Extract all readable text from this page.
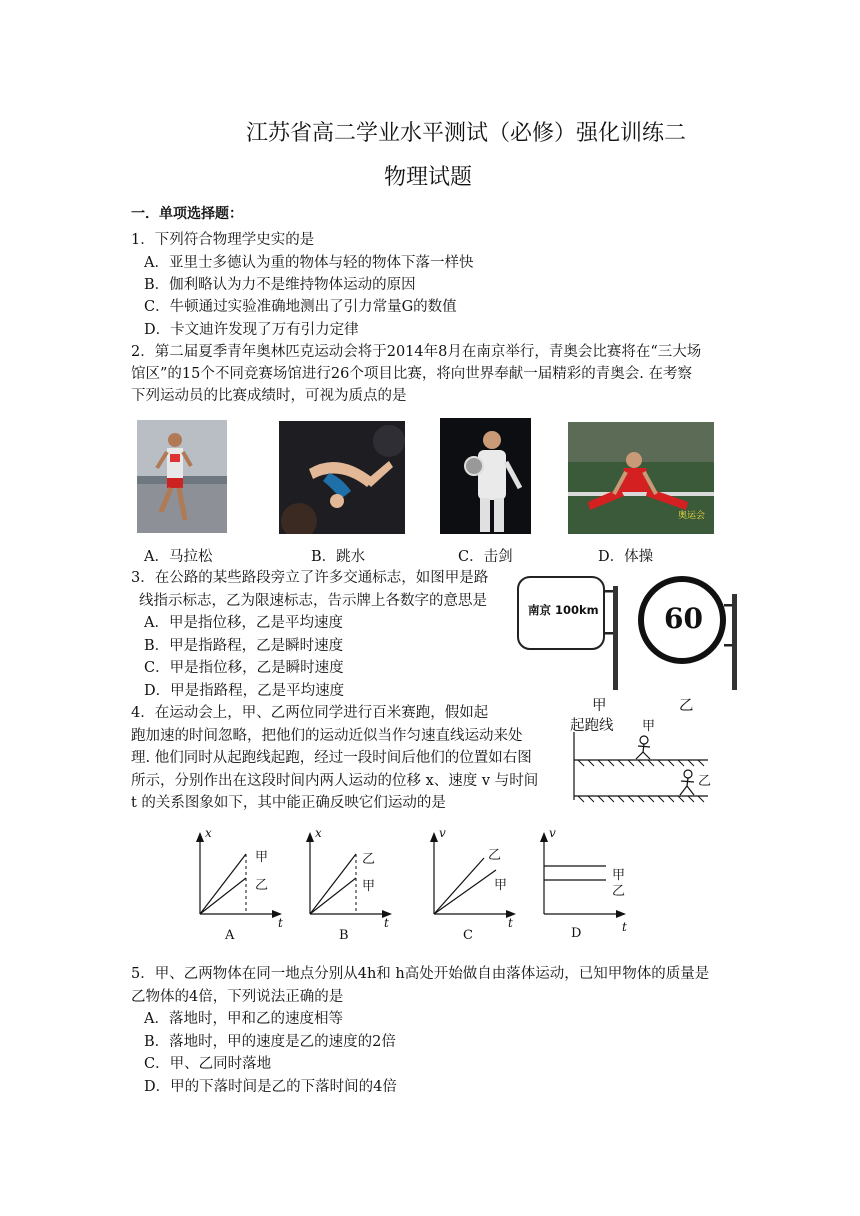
江苏省高二学业水平测试（必修）强化训练二
物理试题
一．单项选择题：
1．下列符合物理学史实的是
A．亚里士多德认为重的物体与轻的物体下落一样快
B．伽利略认为力不是维持物体运动的原因
C．牛顿通过实验准确地测出了引力常量G的数值
D．卡文迪许发现了万有引力定律
2．第二届夏季青年奥林匹克运动会将于2014年8月在南京举行，青奥会比赛将在“三大场
馆区”的15个不同竞赛场馆进行26个项目比赛，将向世界奉献一届精彩的青奥会. 在考察
下列运动员的比赛成绩时，可视为质点的是
奥运会
A．马拉松	B．跳水	C．击剑	D．体操
3．在公路的某些路段旁立了许多交通标志，如图甲是路
线指示标志，乙为限速标志，告示牌上各数字的意思是
A．甲是指位移，乙是平均速度
B．甲是指路程，乙是瞬时速度
C．甲是指位移，乙是瞬时速度
D．甲是指路程，乙是平均速度
南京 100km 60
4．在运动会上，甲、乙两位同学进行百米赛跑，假如起
跑加速的时间忽略，把他们的运动近似当作匀速直线运动来处
理. 他们同时从起跑线起跑，经过一段时间后他们的位置如右图
所示，分别作出在这段时间内两人运动的位移 x、速度 v 与时间
t 的关系图象如下，其中能正确反映它们运动的是
甲	乙
起跑线 甲
乙
x
甲
乙
t
A
x
乙
甲
t
B
v
乙
甲
t
C
v
甲
乙
t
D
5．甲、乙两物体在同一地点分别从4h和 h高处开始做自由落体运动，已知甲物体的质量是
乙物体的4倍，下列说法正确的是
A．落地时，甲和乙的速度相等
B．落地时，甲的速度是乙的速度的2倍
C．甲、乙同时落地
D．甲的下落时间是乙的下落时间的4倍
